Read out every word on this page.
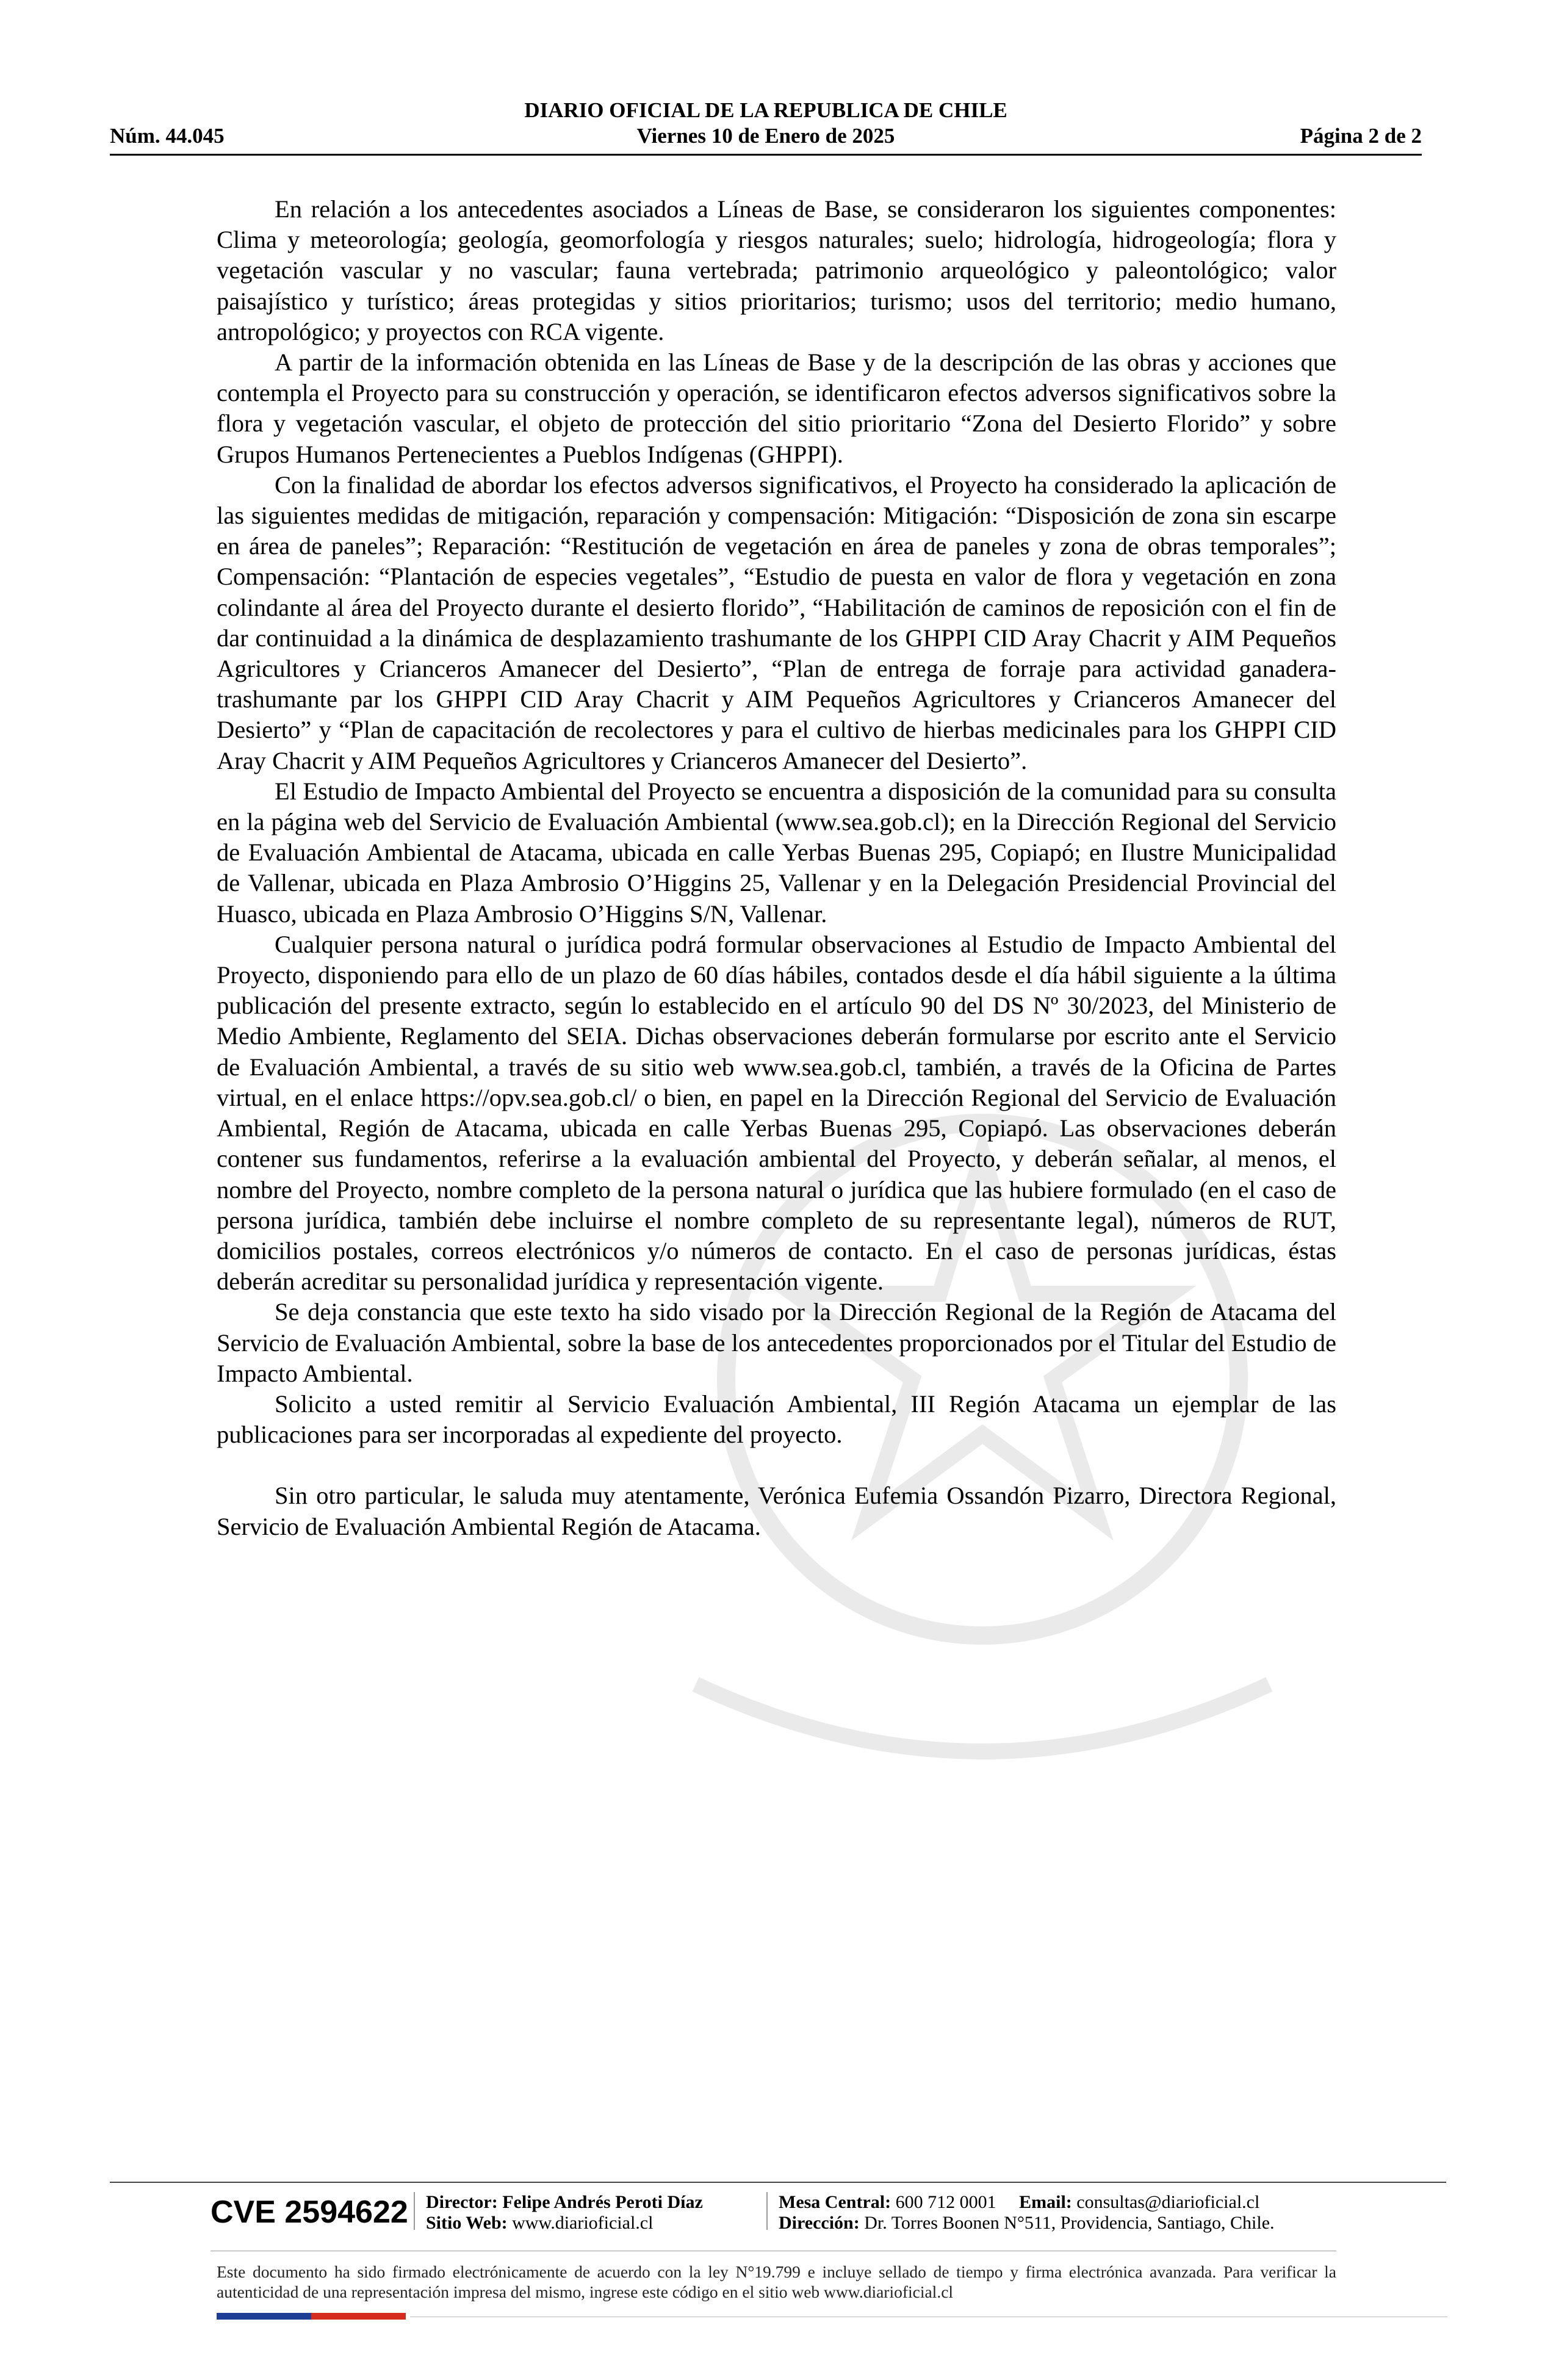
DIARIO OFICIAL DE LA REPUBLICA DE CHILE
Núm. 44.045	Viernes 10 de Enero de 2025	Página 2 de 2

En relación a los antecedentes asociados a Líneas de Base, se consideraron los siguientes componentes: Clima y meteorología; geología, geomorfología y riesgos naturales; suelo; hidrología, hidrogeología; flora y vegetación vascular y no vascular; fauna vertebrada; patrimonio arqueológico y paleontológico; valor paisajístico y turístico; áreas protegidas y sitios prioritarios; turismo; usos del territorio; medio humano, antropológico; y proyectos con RCA vigente.

A partir de la información obtenida en las Líneas de Base y de la descripción de las obras y acciones que contempla el Proyecto para su construcción y operación, se identificaron efectos adversos significativos sobre la flora y vegetación vascular, el objeto de protección del sitio prioritario “Zona del Desierto Florido” y sobre Grupos Humanos Pertenecientes a Pueblos Indígenas (GHPPI).

Con la finalidad de abordar los efectos adversos significativos, el Proyecto ha considerado la aplicación de las siguientes medidas de mitigación, reparación y compensación: Mitigación: “Disposición de zona sin escarpe en área de paneles”; Reparación: “Restitución de vegetación en área de paneles y zona de obras temporales”; Compensación: “Plantación de especies vegetales”, “Estudio de puesta en valor de flora y vegetación en zona colindante al área del Proyecto durante el desierto florido”, “Habilitación de caminos de reposición con el fin de dar continuidad a la dinámica de desplazamiento trashumante de los GHPPI CID Aray Chacrit y AIM Pequeños Agricultores y Crianceros Amanecer del Desierto”, “Plan de entrega de forraje para actividad ganadera-trashumante par los GHPPI CID Aray Chacrit y AIM Pequeños Agricultores y Crianceros Amanecer del Desierto” y “Plan de capacitación de recolectores y para el cultivo de hierbas medicinales para los GHPPI CID Aray Chacrit y AIM Pequeños Agricultores y Crianceros Amanecer del Desierto”.

El Estudio de Impacto Ambiental del Proyecto se encuentra a disposición de la comunidad para su consulta en la página web del Servicio de Evaluación Ambiental (www.sea.gob.cl); en la Dirección Regional del Servicio de Evaluación Ambiental de Atacama, ubicada en calle Yerbas Buenas 295, Copiapó; en Ilustre Municipalidad de Vallenar, ubicada en Plaza Ambrosio O’Higgins 25, Vallenar y en la Delegación Presidencial Provincial del Huasco, ubicada en Plaza Ambrosio O’Higgins S/N, Vallenar.

Cualquier persona natural o jurídica podrá formular observaciones al Estudio de Impacto Ambiental del Proyecto, disponiendo para ello de un plazo de 60 días hábiles, contados desde el día hábil siguiente a la última publicación del presente extracto, según lo establecido en el artículo 90 del DS Nº 30/2023, del Ministerio de Medio Ambiente, Reglamento del SEIA. Dichas observaciones deberán formularse por escrito ante el Servicio de Evaluación Ambiental, a través de su sitio web www.sea.gob.cl, también, a través de la Oficina de Partes virtual, en el enlace https://opv.sea.gob.cl/ o bien, en papel en la Dirección Regional del Servicio de Evaluación Ambiental, Región de Atacama, ubicada en calle Yerbas Buenas 295, Copiapó. Las observaciones deberán contener sus fundamentos, referirse a la evaluación ambiental del Proyecto, y deberán señalar, al menos, el nombre del Proyecto, nombre completo de la persona natural o jurídica que las hubiere formulado (en el caso de persona jurídica, también debe incluirse el nombre completo de su representante legal), números de RUT, domicilios postales, correos electrónicos y/o números de contacto. En el caso de personas jurídicas, éstas deberán acreditar su personalidad jurídica y representación vigente.

Se deja constancia que este texto ha sido visado por la Dirección Regional de la Región de Atacama del Servicio de Evaluación Ambiental, sobre la base de los antecedentes proporcionados por el Titular del Estudio de Impacto Ambiental.

Solicito a usted remitir al Servicio Evaluación Ambiental, III Región Atacama un ejemplar de las publicaciones para ser incorporadas al expediente del proyecto.

Sin otro particular, le saluda muy atentamente, Verónica Eufemia Ossandón Pizarro, Directora Regional, Servicio de Evaluación Ambiental Región de Atacama.

CVE 2594622 Director: Felipe Andrés Peroti Díaz
Sitio Web: www.diarioficial.cl
Mesa Central: 600 712 0001 Email: consultas@diarioficial.cl
Dirección: Dr. Torres Boonen N°511, Providencia, Santiago, Chile.
Este documento ha sido firmado electrónicamente de acuerdo con la ley N°19.799 e incluye sellado de tiempo y firma electrónica avanzada. Para verificar la autenticidad de una representación impresa del mismo, ingrese este código en el sitio web www.diarioficial.cl
